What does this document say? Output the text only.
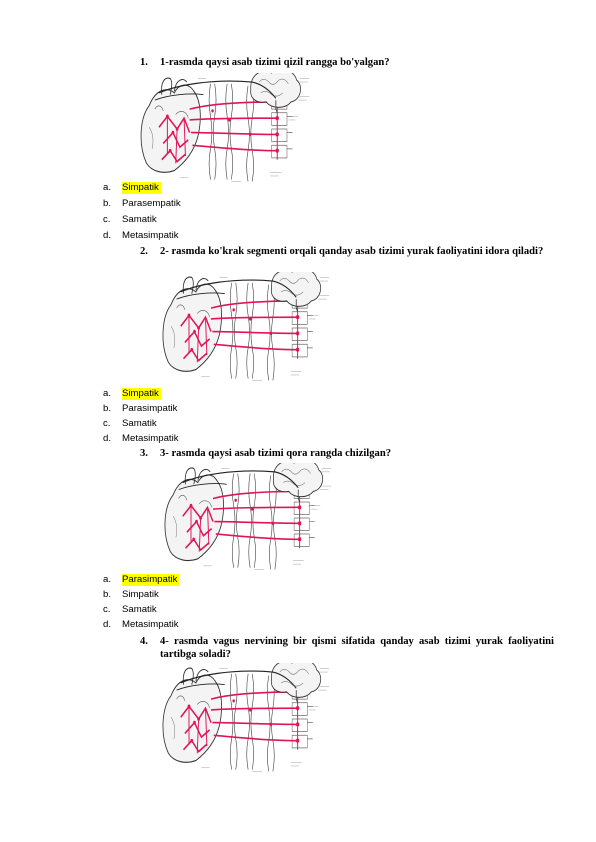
1.	1-rasmda qaysi asab tizimi qizil rangga bo'yalgan?
a.	Simpatik
b.	Parasempatik
c.	Samatik
d.	Metasimpatik
2.	2- rasmda ko'krak segmenti orqali qanday asab tizimi yurak faoliyatini idora qiladi?
a.	Simpatik
b.	Parasimpatik
c.	Samatik
d.	Metasimpatik
3.	3- rasmda qaysi asab tizimi qora rangda chizilgan?
a.	Parasimpatik
b.	Simpatik
c.	Samatik
d.	Metasimpatik
4.	4- rasmda vagus nervining bir qismi sifatida qanday asab tizimi yurak faoliyatini tartibga soladi?
